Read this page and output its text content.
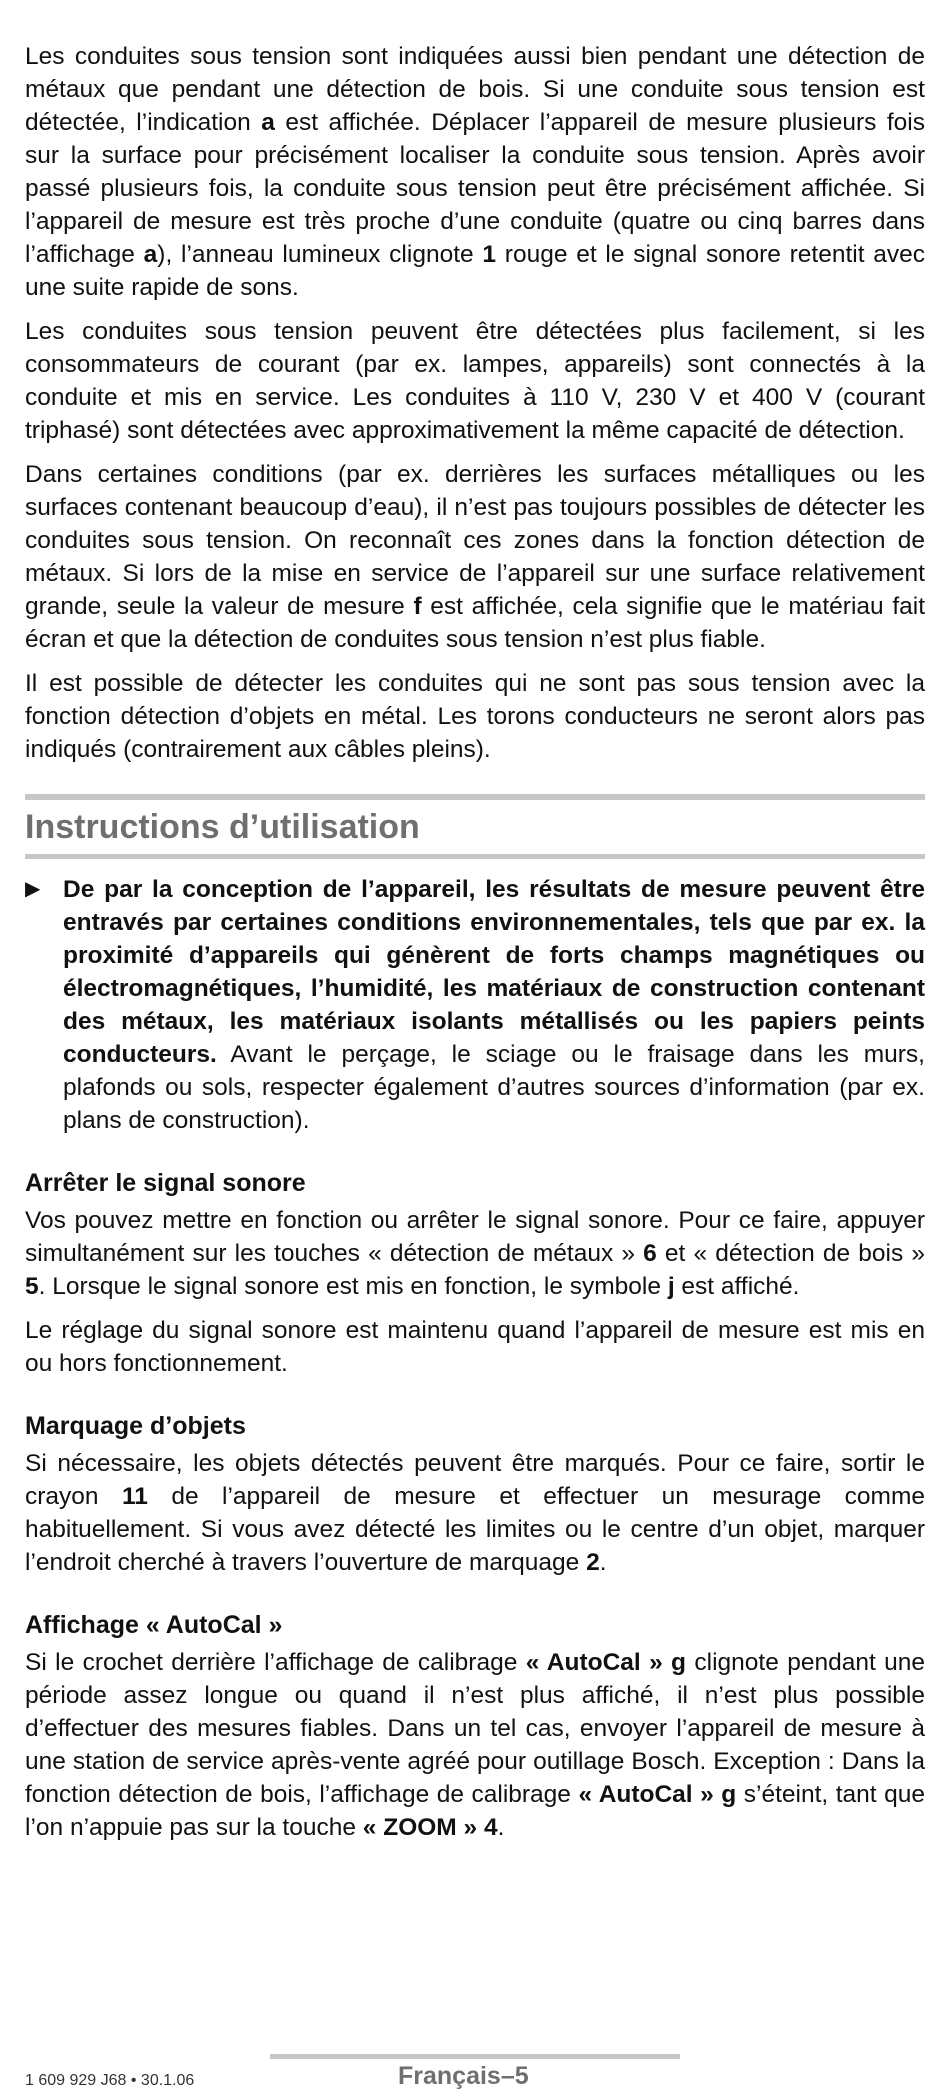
Les conduites sous tension sont indiquées aussi bien pendant une détection de métaux que pendant une détection de bois. Si une conduite sous tension est détectée, l’indication a est affichée. Déplacer l’appareil de mesure plusieurs fois sur la surface pour précisément localiser la conduite sous tension. Après avoir passé plusieurs fois, la conduite sous tension peut être précisément affichée. Si l’appareil de mesure est très proche d’une conduite (quatre ou cinq barres dans l’affichage a), l’anneau lumineux clignote 1 rouge et le signal sonore retentit avec une suite rapide de sons.

Les conduites sous tension peuvent être détectées plus facilement, si les consommateurs de courant (par ex. lampes, appareils) sont connectés à la conduite et mis en service. Les conduites à 110 V, 230 V et 400 V (courant triphasé) sont détectées avec approximativement la même capacité de détection.

Dans certaines conditions (par ex. derrières les surfaces métalliques ou les surfaces contenant beaucoup d’eau), il n’est pas toujours possibles de détecter les conduites sous tension. On reconnaît ces zones dans la fonction détection de métaux. Si lors de la mise en service de l’appareil sur une surface relativement grande, seule la valeur de mesure f est affichée, cela signifie que le matériau fait écran et que la détection de conduites sous tension n’est plus fiable.

Il est possible de détecter les conduites qui ne sont pas sous tension avec la fonction détection d’objets en métal. Les torons conducteurs ne seront alors pas indiqués (contrairement aux câbles pleins).

Instructions d’utilisation
▶ De par la conception de l’appareil, les résultats de mesure peuvent être entravés par certaines conditions environnementales, tels que par ex. la proximité d’appareils qui génèrent de forts champs magnétiques ou électromagnétiques, l’humidité, les matériaux de construction contenant des métaux, les matériaux isolants métallisés ou les papiers peints conducteurs. Avant le perçage, le sciage ou le fraisage dans les murs, plafonds ou sols, respecter également d’autres sources d’information (par ex. plans de construction).

Arrêter le signal sonore

Vos pouvez mettre en fonction ou arrêter le signal sonore. Pour ce faire, appuyer simultanément sur les touches « détection de métaux » 6 et « détection de bois » 5. Lorsque le signal sonore est mis en fonction, le symbole j est affiché.

Le réglage du signal sonore est maintenu quand l’appareil de mesure est mis en ou hors fonctionnement.

Marquage d’objets

Si nécessaire, les objets détectés peuvent être marqués. Pour ce faire, sortir le crayon 11 de l’appareil de mesure et effectuer un mesurage comme habituellement. Si vous avez détecté les limites ou le centre d’un objet, marquer l’endroit cherché à travers l’ouverture de marquage 2.

Affichage « AutoCal »

Si le crochet derrière l’affichage de calibrage « AutoCal » g clignote pendant une période assez longue ou quand il n’est plus affiché, il n’est plus possible d’effectuer des mesures fiables. Dans un tel cas, envoyer l’appareil de mesure à une station de service après-vente agréé pour outillage Bosch. Exception : Dans la fonction détection de bois, l’affichage de calibrage « AutoCal » g s’éteint, tant que l’on n’appuie pas sur la touche « ZOOM » 4.

1 609 929 J68 • 30.1.06	Français–5
